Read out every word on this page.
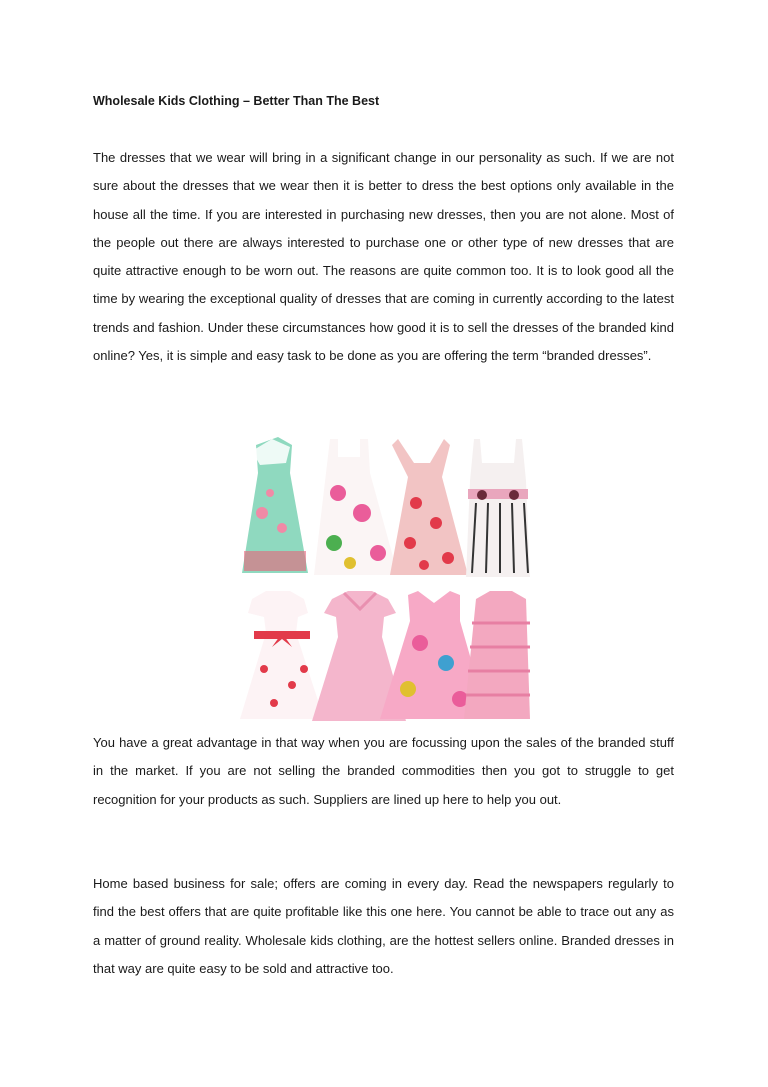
Wholesale Kids Clothing – Better Than The Best

The dresses that we wear will bring in a significant change in our personality as such. If we are not sure about the dresses that we wear then it is better to dress the best options only available in the house all the time. If you are interested in purchasing new dresses, then you are not alone. Most of the people out there are always interested to purchase one or other type of new dresses that are quite attractive enough to be worn out. The reasons are quite common too. It is to look good all the time by wearing the exceptional quality of dresses that are coming in currently according to the latest trends and fashion. Under these circumstances how good it is to sell the dresses of the branded kind online? Yes, it is simple and easy task to be done as you are offering the term “branded dresses”.

You have a great advantage in that way when you are focussing upon the sales of the branded stuff in the market. If you are not selling the branded commodities then you got to struggle to get recognition for your products as such. Suppliers are lined up here to help you out.

Home based business for sale; offers are coming in every day. Read the newspapers regularly to find the best offers that are quite profitable like this one here. You cannot be able to trace out any as a matter of ground reality. Wholesale kids clothing, are the hottest sellers online. Branded dresses in that way are quite easy to be sold and attractive too.
